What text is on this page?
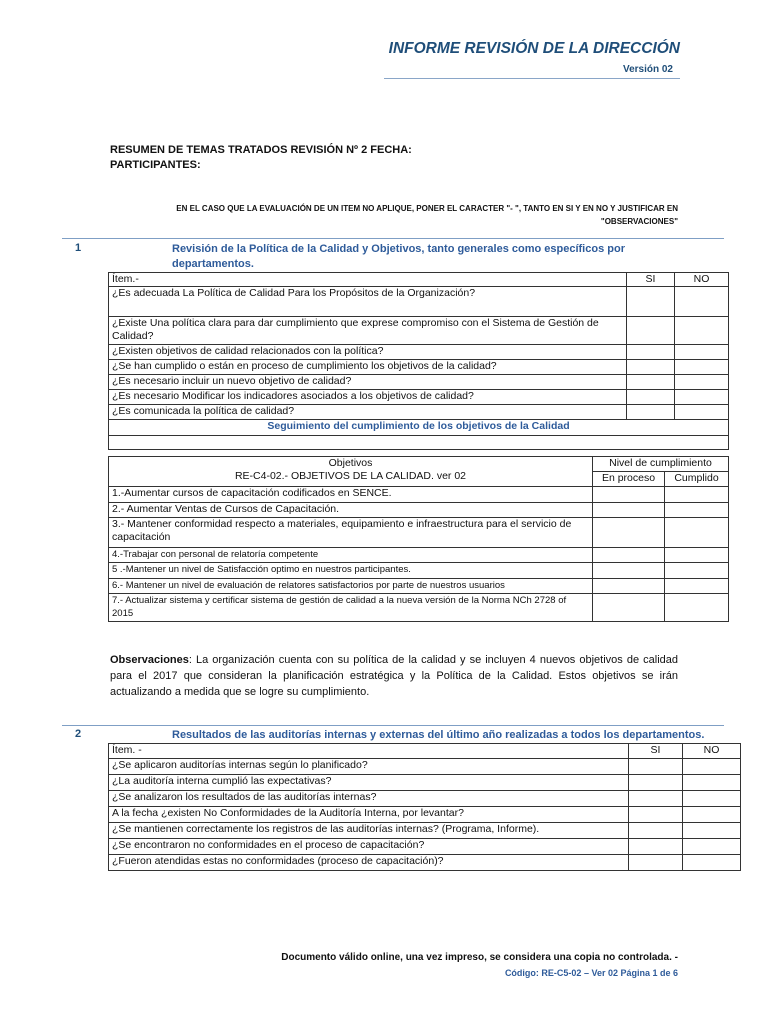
INFORME REVISIÓN DE LA DIRECCIÓN
Versión 02
RESUMEN DE TEMAS TRATADOS REVISIÓN Nº 2 FECHA:
PARTICIPANTES:
EN EL CASO QUE LA EVALUACIÓN DE UN ITEM NO APLIQUE, PONER EL CARACTER "- ", TANTO EN SI Y EN NO Y JUSTIFICAR EN
"OBSERVACIONES"
1	Revisión de la Política de la Calidad y Objetivos, tanto generales como específicos por
departamentos.
Ítem.-	SI	NO
¿Es adecuada La Política de Calidad Para los Propósitos de la Organización?		
¿Existe Una política clara para dar cumplimiento que exprese compromiso con el Sistema de Gestión de Calidad?		
¿Existen objetivos de calidad relacionados con la política?		
¿Se han cumplido o están en proceso de cumplimiento los objetivos de la calidad?		
¿Es necesario incluir un nuevo objetivo de calidad?		
¿Es necesario Modificar los indicadores asociados a los objetivos de calidad?		
¿Es comunicada la política de calidad?		
Seguimiento del cumplimiento de los objetivos de la Calidad		

Objetivos
RE-C4-02.- OBJETIVOS DE LA CALIDAD. ver 02	Nivel de cumplimiento	
	En proceso	Cumplido
1.-Aumentar cursos de capacitación codificados en SENCE.		
2.- Aumentar Ventas de Cursos de Capacitación.		
3.- Mantener conformidad respecto a materiales, equipamiento e infraestructura para el servicio de capacitación		
4.-Trabajar con personal de relatoría competente		
5 .-Mantener un nivel de Satisfacción optimo en nuestros participantes.		
6.- Mantener un nivel de evaluación de relatores satisfactorios por parte de nuestros usuarios		
7.- Actualizar sistema y certificar sistema de gestión de calidad a la nueva versión de la Norma NCh 2728 of 2015		
Observaciones: La organización cuenta con su política de la calidad y se incluyen 4 nuevos objetivos de calidad para el 2017 que consideran la planificación estratégica y la Política de la Calidad. Estos objetivos se irán actualizando a medida que se logre su cumplimiento.
2	Resultados de las auditorías internas y externas del último año realizadas a todos los departamentos.
Ítem. -	SI	NO
¿Se aplicaron auditorías internas según lo planificado?		
¿La auditoría interna cumplió las expectativas?		
¿Se analizaron los resultados de las auditorías internas?		
A la fecha ¿existen No Conformidades de la Auditoría Interna, por levantar?		
¿Se mantienen correctamente los registros de las auditorías internas? (Programa, Informe).		
¿Se encontraron no conformidades en el proceso de capacitación?		
¿Fueron atendidas estas no conformidades (proceso de capacitación)?		
Documento válido online, una vez impreso, se considera una copia no controlada. -
Código: RE-C5-02 – Ver 02 Página 1 de 6
